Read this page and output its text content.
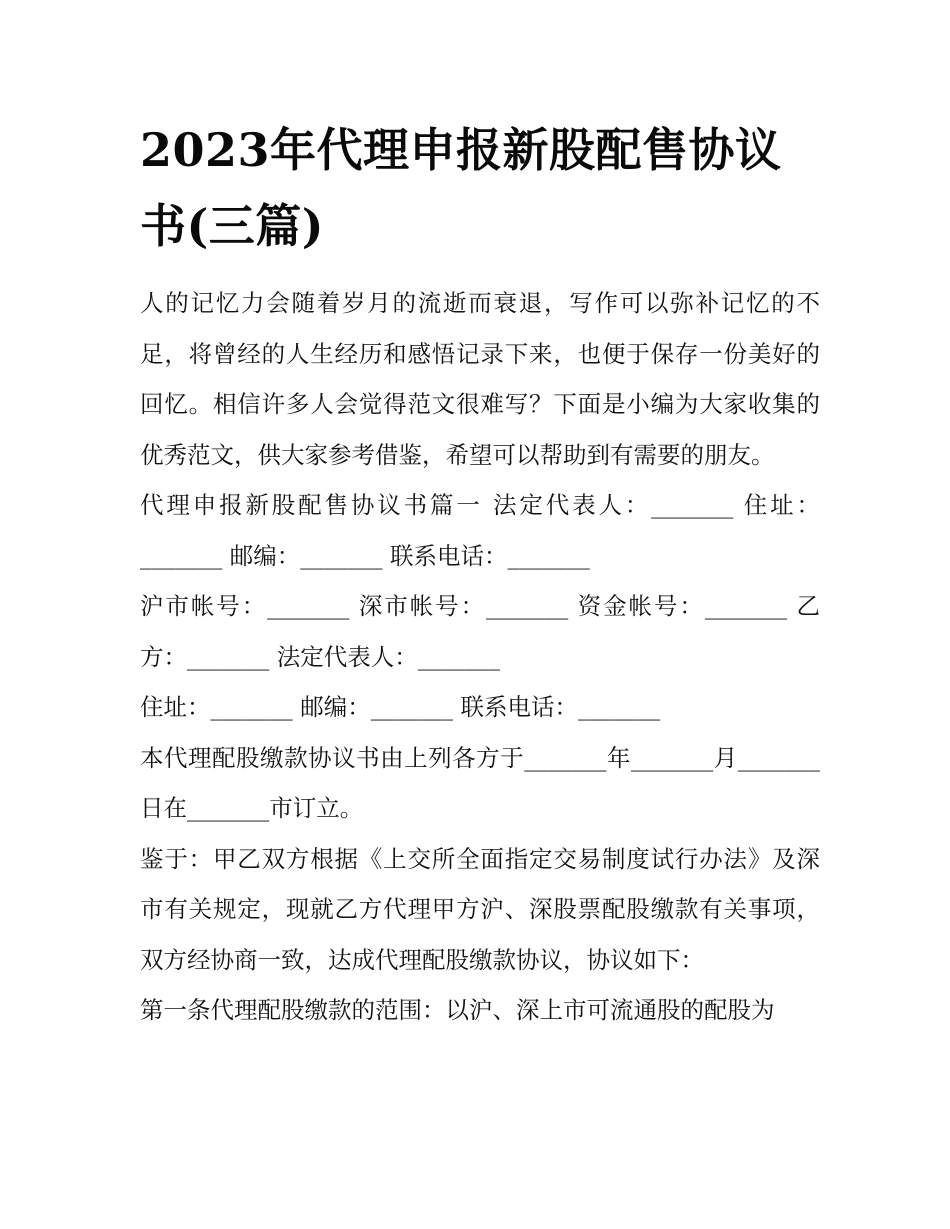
2023年代理申报新股配售协议书(三篇)

人的记忆力会随着岁月的流逝而衰退，写作可以弥补记忆的不足，将曾经的人生经历和感悟记录下来，也便于保存一份美好的回忆。相信许多人会觉得范文很难写？下面是小编为大家收集的优秀范文，供大家参考借鉴，希望可以帮助到有需要的朋友。

代理申报新股配售协议书篇一 法定代表人：_______ 住址：_______ 邮编：_______ 联系电话：_______

沪市帐号：_______ 深市帐号：_______ 资金帐号：_______ 乙方：_______ 法定代表人：_______

住址：_______ 邮编：_______ 联系电话：_______

本代理配股缴款协议书由上列各方于_______年_______月_______日在_______市订立。

鉴于：甲乙双方根据《上交所全面指定交易制度试行办法》及深市有关规定，现就乙方代理甲方沪、深股票配股缴款有关事项，双方经协商一致，达成代理配股缴款协议，协议如下：

第一条代理配股缴款的范围：以沪、深上市可流通股的配股为
